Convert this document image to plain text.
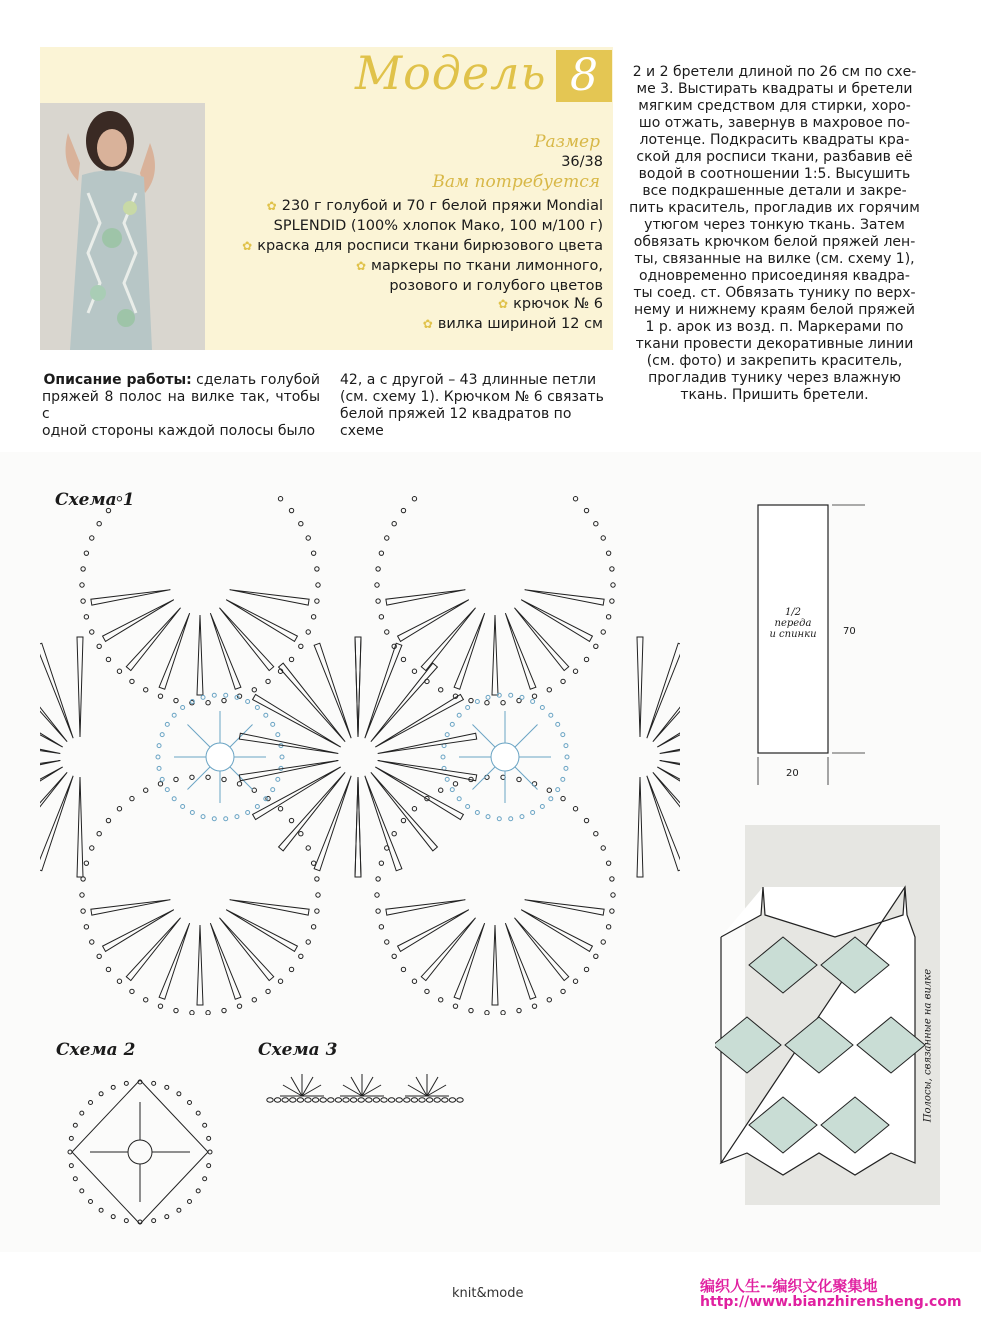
Модель 8
Размер
36/38
Вам потребуется
✿ 230 г голубой и 70 г белой пряжи Mondial
SPLENDID (100% хлопок Мако, 100 м/100 г)
✿ краска для росписи ткани бирюзового цвета
✿ маркеры по ткани лимонного,
розового и голубого цветов
✿ крючок № 6
✿ вилка шириной 12 см
Описание работы: сделать голубой
пряжей 8 полос на вилке так, чтобы с
одной стороны каждой полосы было
42, а с другой – 43 длинные петли
(см. схему 1). Крючком № 6 связать
белой пряжей 12 квадратов по схеме
2 и 2 бретели длиной по 26 см по схе-
ме 3. Выстирать квадраты и бретели
мягким средством для стирки, хоро-
шо отжать, завернув в махровое по-
лотенце. Подкрасить квадраты кра-
ской для росписи ткани, разбавив её
водой в соотношении 1:5. Высушить
все подкрашенные детали и закре-
пить краситель, прогладив их горячим
утюгом через тонкую ткань. Затем
обвязать крючком белой пряжей лен-
ты, связанные на вилке (см. схему 1),
одновременно присоединяя квадра-
ты соед. ст. Обвязать тунику по верх-
нему и нижнему краям белой пряжей
1 р. арок из возд. п. Маркерами по
ткани провести декоративные линии
(см. фото) и закрепить краситель,
прогладив тунику через влажную
ткань. Пришить бретели.
Схема 1
Схема 2	Схема 3
1/2
переда
и спинки	70
20
Полосы, связанные на вилке
knit&mode	编织人生--编织文化聚集地
http://www.bianzhirensheng.com
